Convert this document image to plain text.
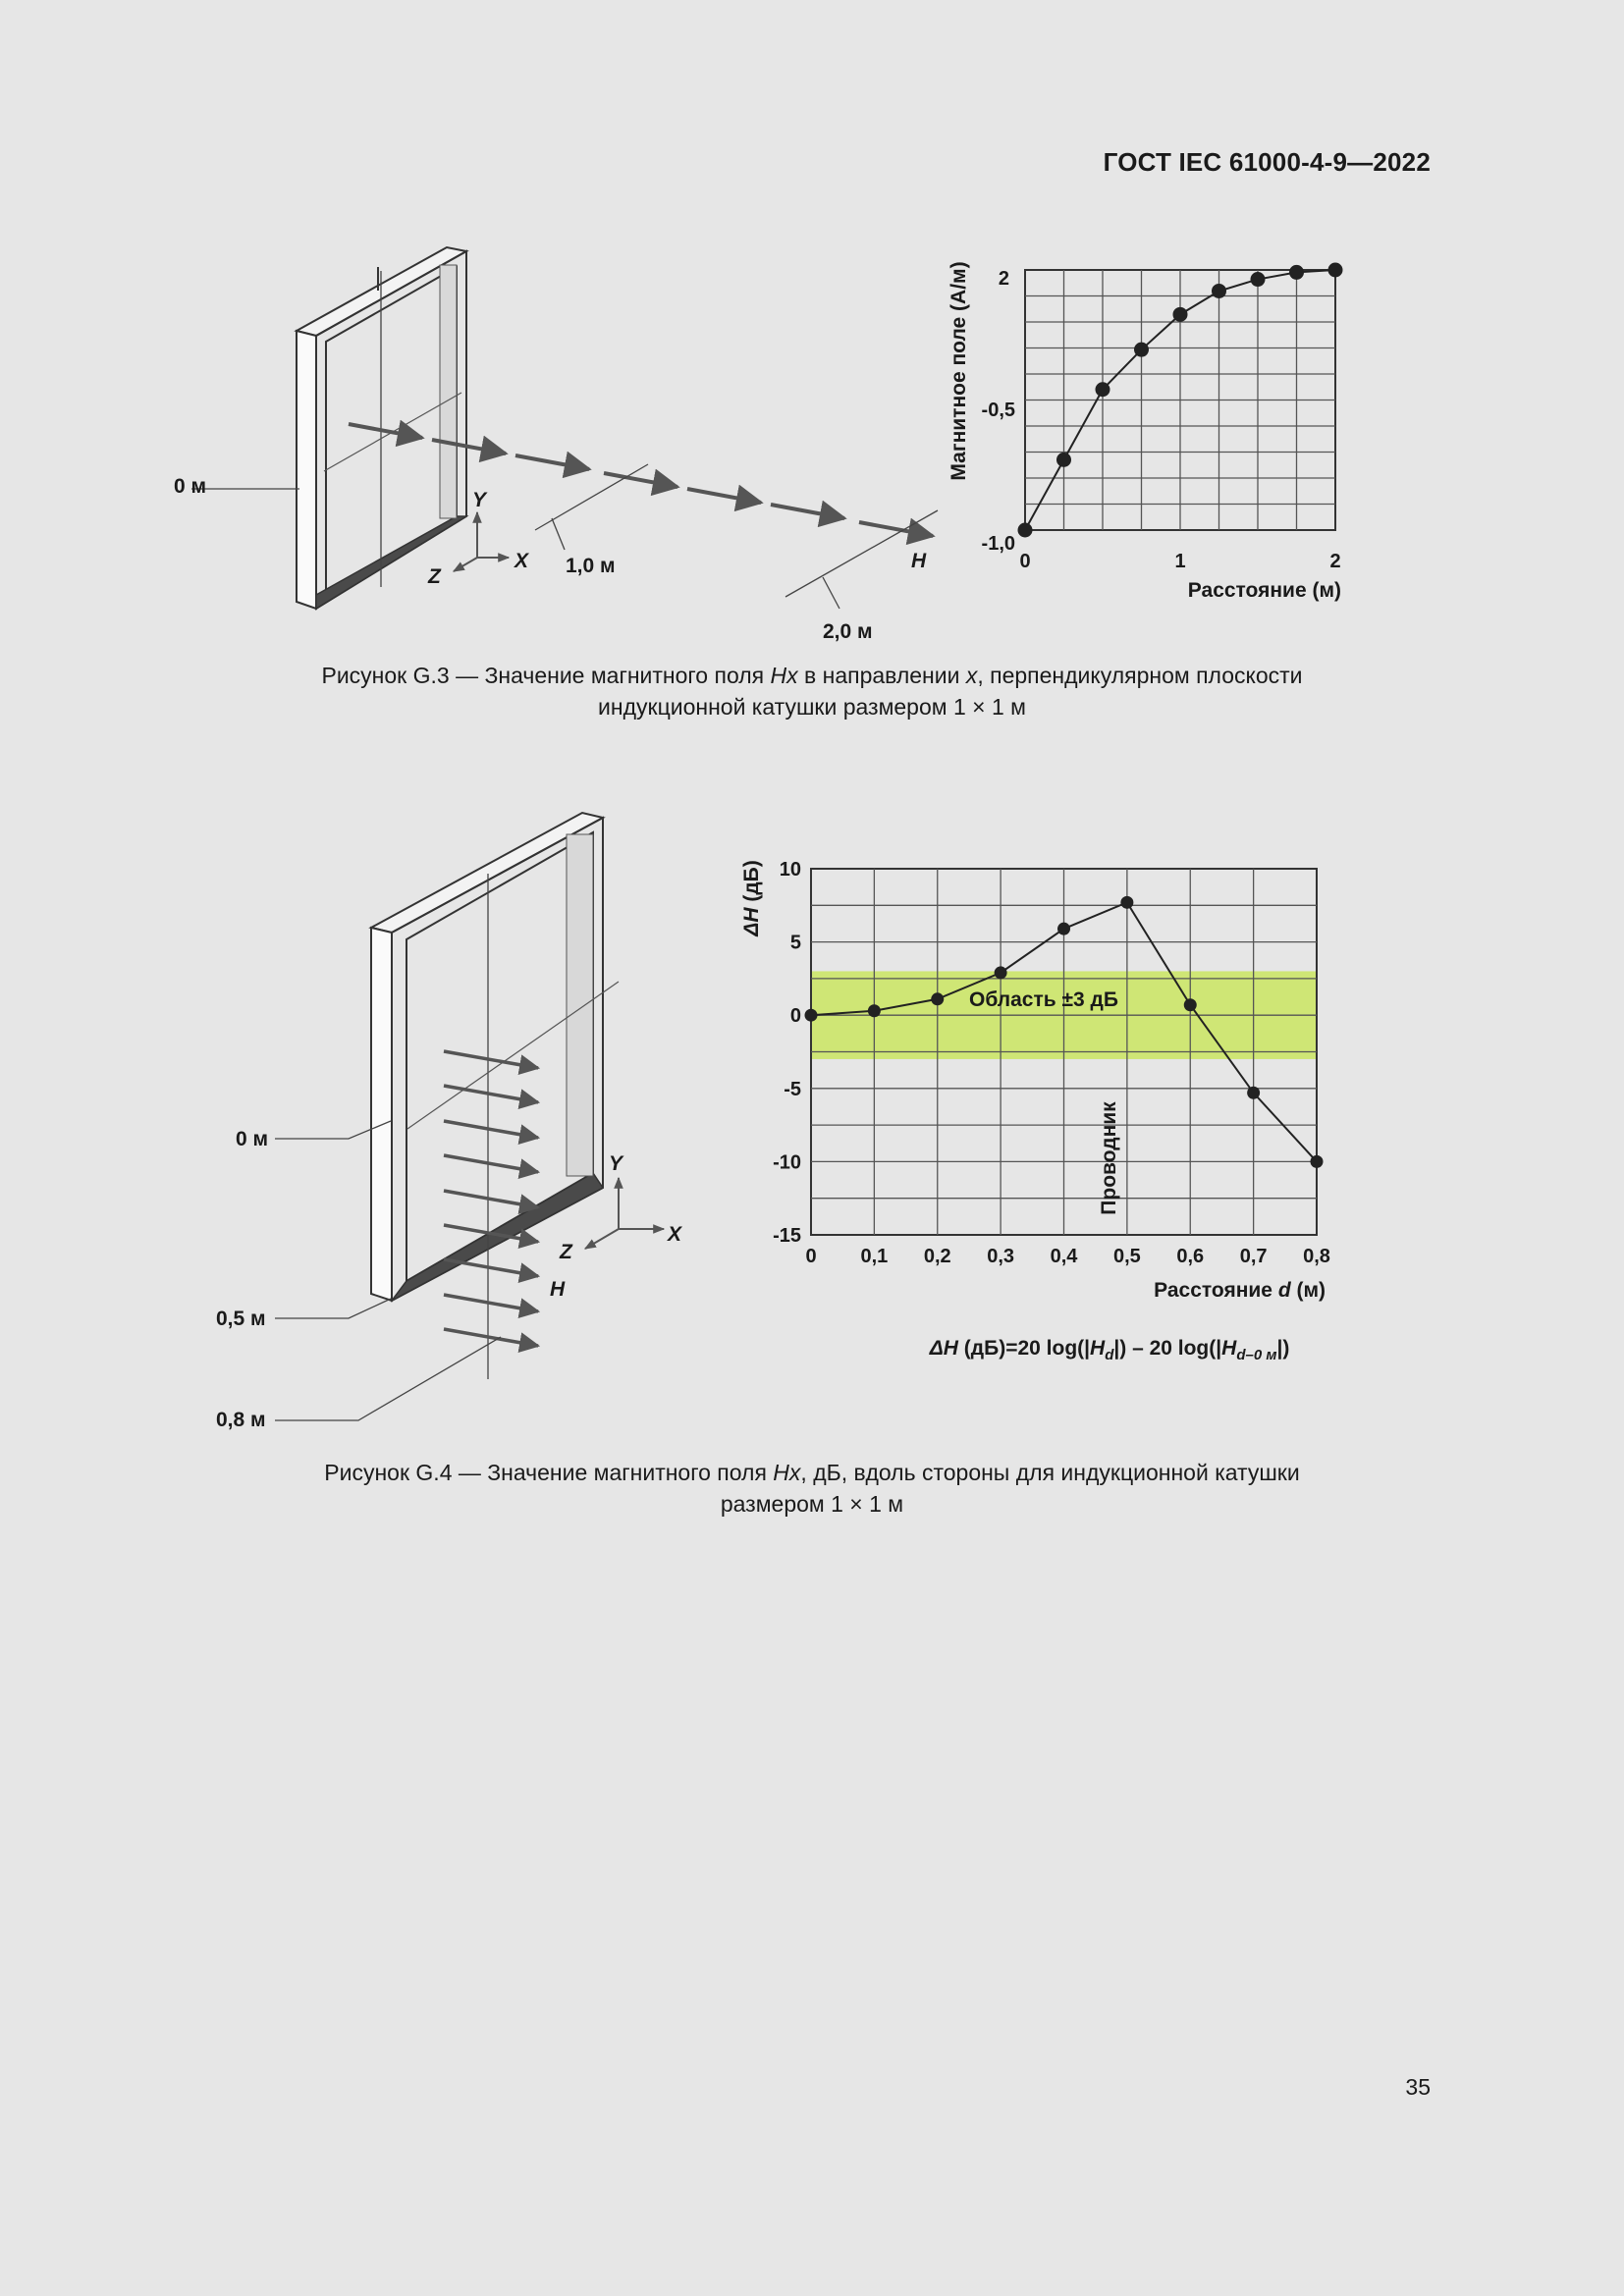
ГОСТ IEC 61000-4-9—2022
Y
X
Z
H
0 м
1,0 м
2,0 м
2
-0,5
-1,0
0	1	2
Расстояние (м)
Магнитное поле (А/м)
Рисунок G.3 — Значение магнитного поля Hx в направлении x, перпендикулярном плоскости
индукционной катушки размером 1 × 1 м
Y
X
Z
H
0 м
0,5 м
0,8 м
Область ±3 дБ
Проводник
10
5
0
-5
-10
-15
0 0,1 0,2 0,3 0,4 0,5 0,6 0,7 0,8
Расстояние d (м)
ΔH (дБ)
ΔH (дБ)=20 $\log(|H_d|) - 20$ $\log(|H_{d-0 м}|)$
Рисунок G.4 — Значение магнитного поля Hx, дБ, вдоль стороны для индукционной катушки
размером 1 × 1 м
35
